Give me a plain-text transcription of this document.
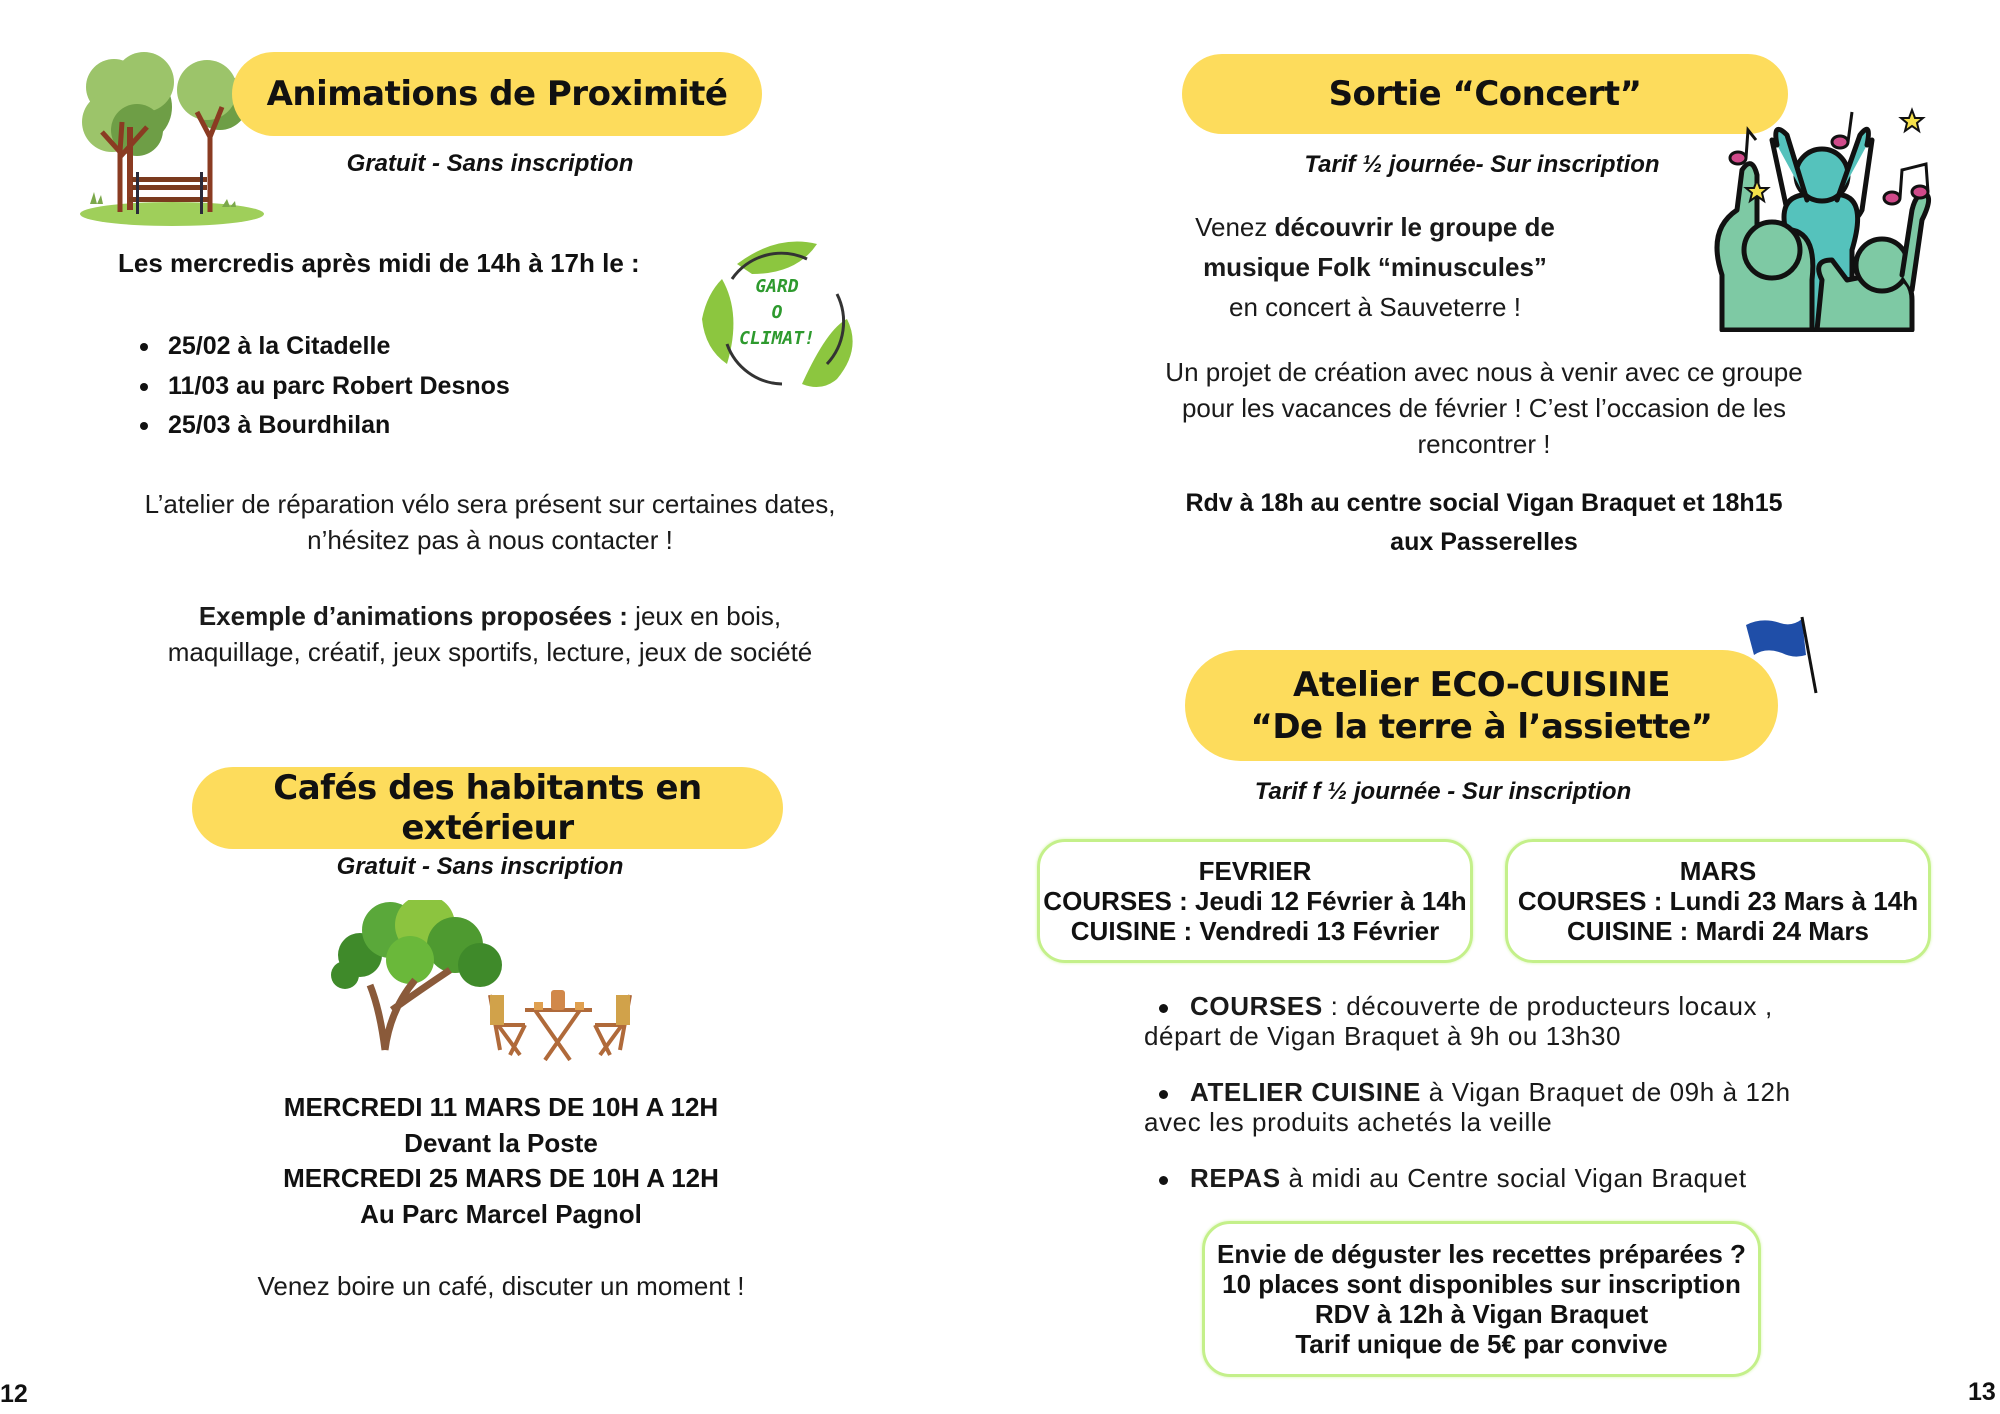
Animations de Proximité
Gratuit - Sans inscription
Les mercredis après midi de 14h à 17h le :
25/02 à la Citadelle
11/03 au parc Robert Desnos
25/03 à Bourdhilan
GARD
O
CLIMAT!
L’atelier de réparation vélo sera présent sur certaines dates,
n’hésitez pas à nous contacter !
Exemple d’animations proposées : jeux en bois,
maquillage, créatif, jeux sportifs, lecture, jeux de société
Cafés des habitants en extérieur
Gratuit - Sans inscription
MERCREDI 11 MARS DE 10H A 12H
Devant la Poste
MERCREDI 25 MARS DE 10H A 12H
Au Parc Marcel Pagnol
Venez boire un café, discuter un moment !
12
Sortie “Concert”
Tarif ½ journée- Sur inscription
Venez découvrir le groupe de
musique Folk “minuscules”
en concert à Sauveterre !
Un projet de création avec nous à venir avec ce groupe
pour les vacances de février ! C’est l’occasion de les
rencontrer !
Rdv à 18h au centre social Vigan Braquet et 18h15
aux Passerelles
Atelier ECO-CUISINE
“De la terre à l’assiette”
Tarif f ½ journée - Sur inscription
FEVRIER
COURSES : Jeudi 12 Février à 14h
CUISINE : Vendredi 13 Février
MARS
COURSES : Lundi 23 Mars à 14h
CUISINE : Mardi 24 Mars
COURSES : découverte de producteurs locaux ,
départ de Vigan Braquet à 9h ou 13h30
ATELIER CUISINE à Vigan Braquet de 09h à 12h
avec les produits achetés la veille
REPAS à midi au Centre social Vigan Braquet
Envie de déguster les recettes préparées ?
10 places sont disponibles sur inscription
RDV à 12h à Vigan Braquet
Tarif unique de 5€ par convive
13
